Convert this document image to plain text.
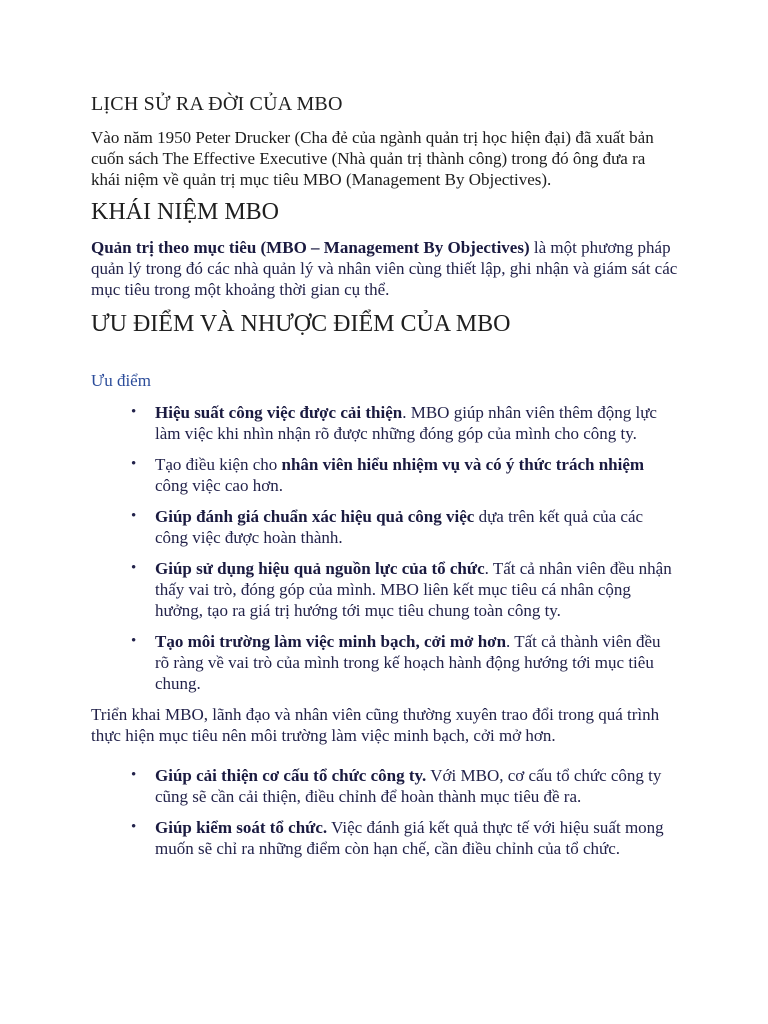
LỊCH SỬ RA ĐỜI CỦA MBO

Vào năm 1950 Peter Drucker (Cha đẻ của ngành quản trị học hiện đại) đã xuất bản cuốn sách The Effective Executive (Nhà quản trị thành công) trong đó ông đưa ra khái niệm về quản trị mục tiêu MBO (Management By Objectives).

KHÁI NIỆM MBO

Quản trị theo mục tiêu (MBO – Management By Objectives) là một phương pháp quản lý trong đó các nhà quản lý và nhân viên cùng thiết lập, ghi nhận và giám sát các mục tiêu trong một khoảng thời gian cụ thể.

ƯU ĐIỂM VÀ NHƯỢC ĐIỂM CỦA MBO

Ưu điểm

• Hiệu suất công việc được cải thiện. MBO giúp nhân viên thêm động lực làm việc khi nhìn nhận rõ được những đóng góp của mình cho công ty.
• Tạo điều kiện cho nhân viên hiểu nhiệm vụ và có ý thức trách nhiệm công việc cao hơn.
• Giúp đánh giá chuẩn xác hiệu quả công việc dựa trên kết quả của các công việc được hoàn thành.
• Giúp sử dụng hiệu quả nguồn lực của tổ chức. Tất cả nhân viên đều nhận thấy vai trò, đóng góp của mình. MBO liên kết mục tiêu cá nhân cộng hưởng, tạo ra giá trị hướng tới mục tiêu chung toàn công ty.
• Tạo môi trường làm việc minh bạch, cởi mở hơn. Tất cả thành viên đều rõ ràng về vai trò của mình trong kế hoạch hành động hướng tới mục tiêu chung.

Triển khai MBO, lãnh đạo và nhân viên cũng thường xuyên trao đổi trong quá trình thực hiện mục tiêu nên môi trường làm việc minh bạch, cởi mở hơn.

• Giúp cải thiện cơ cấu tổ chức công ty. Với MBO, cơ cấu tổ chức công ty cũng sẽ cần cải thiện, điều chỉnh để hoàn thành mục tiêu đề ra.
• Giúp kiểm soát tổ chức. Việc đánh giá kết quả thực tế với hiệu suất mong muốn sẽ chỉ ra những điểm còn hạn chế, cần điều chỉnh của tổ chức.
